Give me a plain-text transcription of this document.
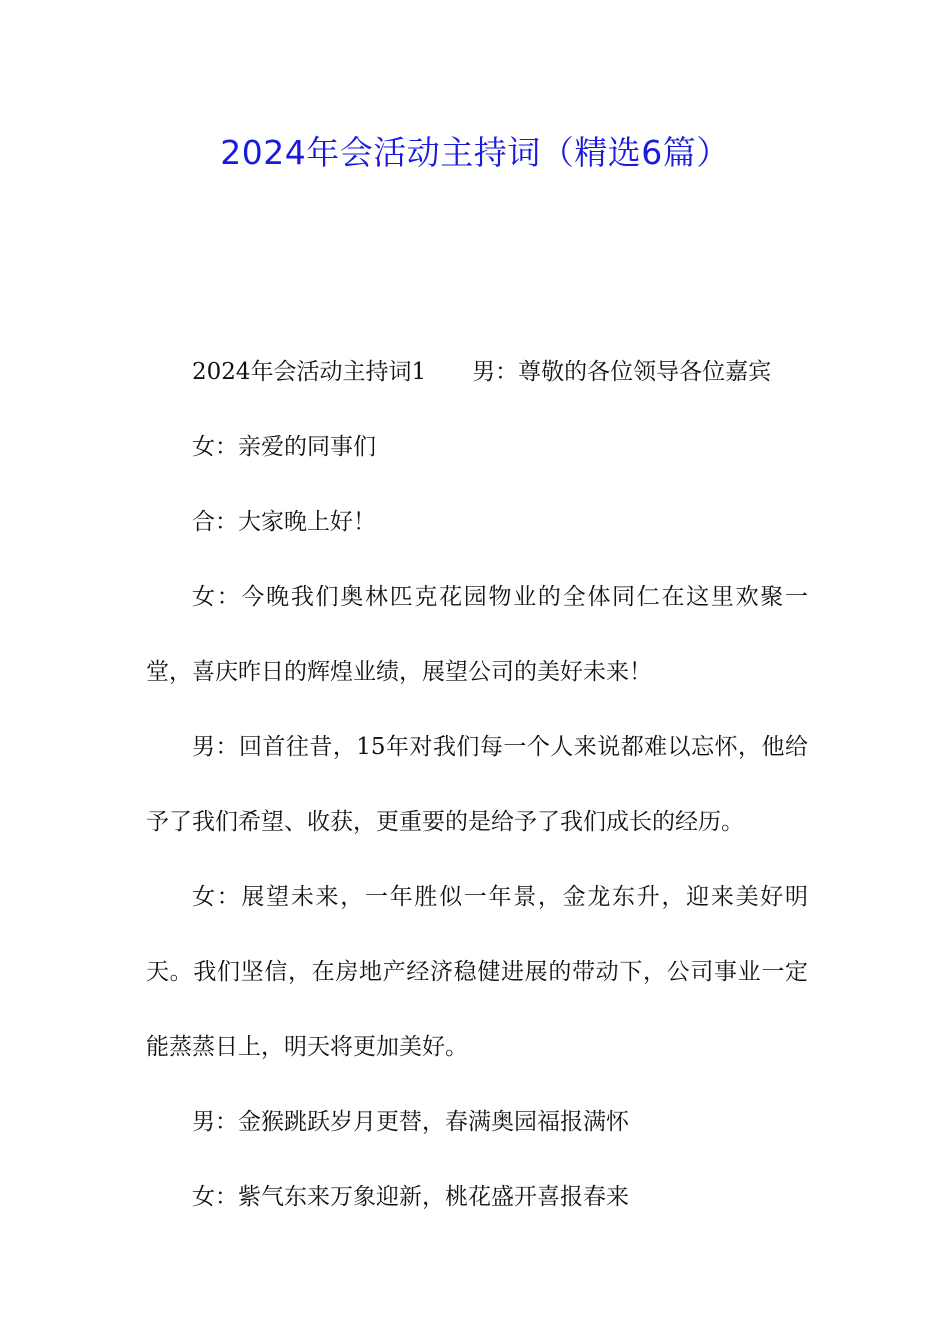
2024年会活动主持词（精选6篇）

2024年会活动主持词1 男：尊敬的各位领导各位嘉宾

女：亲爱的同事们

合：大家晚上好！

女：今晚我们奥林匹克花园物业的全体同仁在这里欢聚一堂，喜庆昨日的辉煌业绩，展望公司的美好未来！

男：回首往昔，15年对我们每一个人来说都难以忘怀，他给予了我们希望、收获，更重要的是给予了我们成长的经历。

女：展望未来，一年胜似一年景，金龙东升，迎来美好明天。我们坚信，在房地产经济稳健进展的带动下，公司事业一定能蒸蒸日上，明天将更加美好。

男：金猴跳跃岁月更替，春满奥园福报满怀

女：紫气东来万象迎新，桃花盛开喜报春来
